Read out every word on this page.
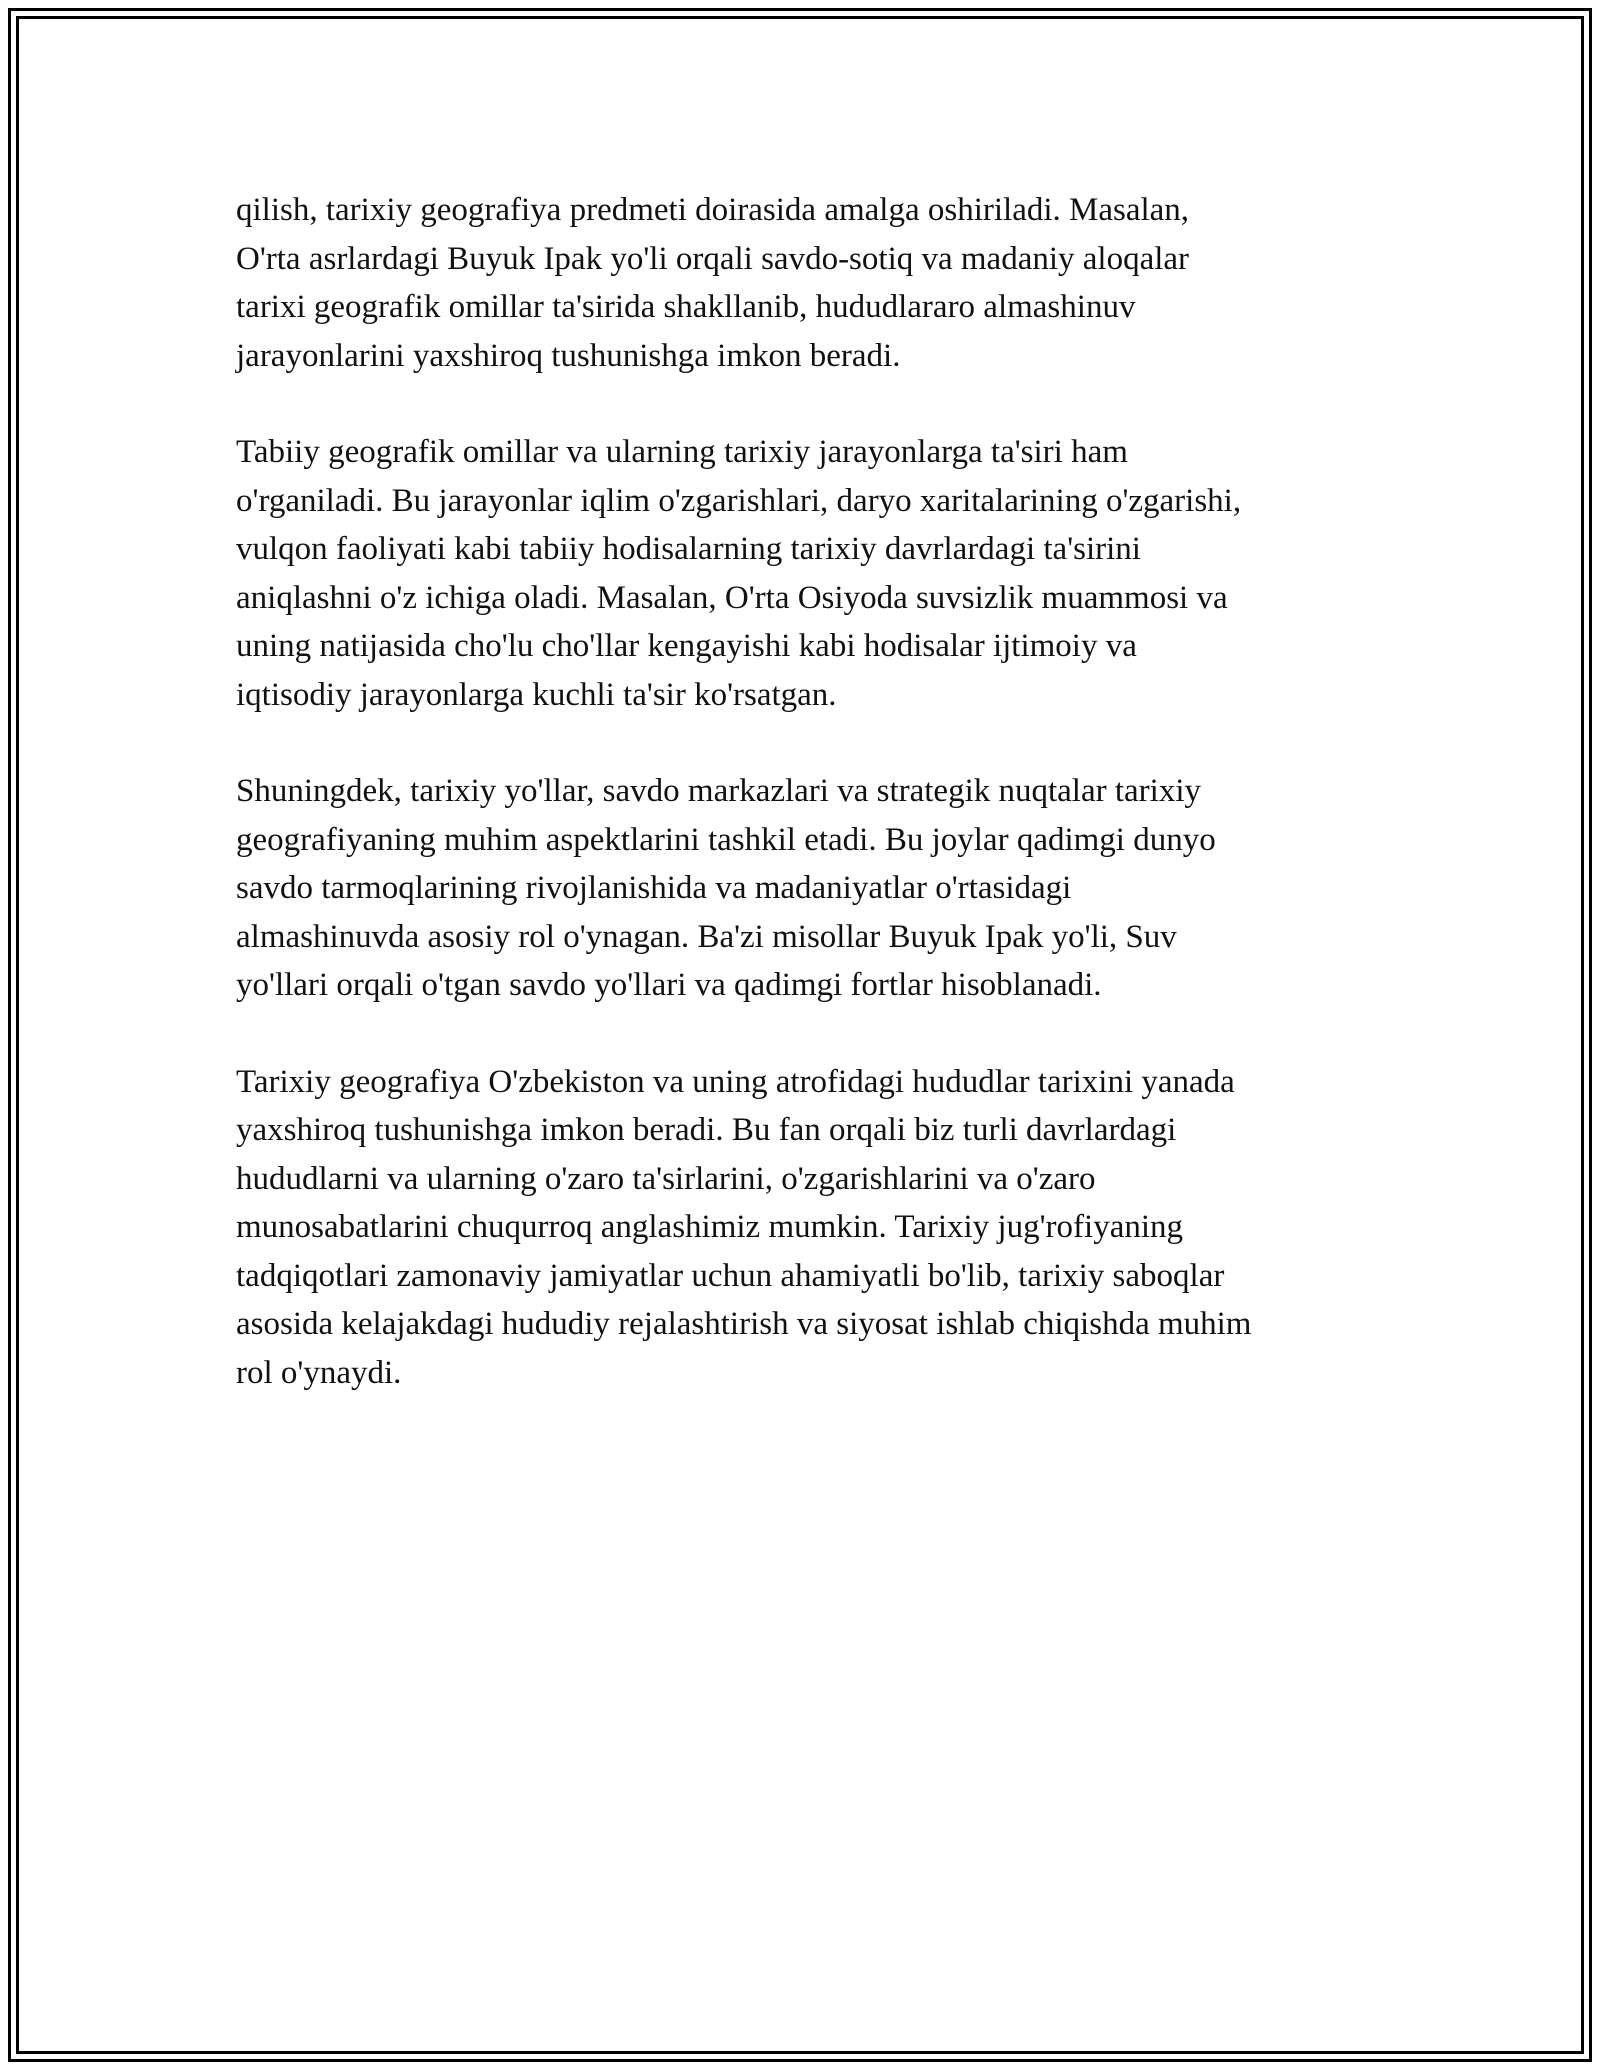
qilish, tarixiy geografiya predmeti doirasida amalga oshiriladi. Masalan,
O'rta asrlardagi Buyuk Ipak yo'li orqali savdo-sotiq va madaniy aloqalar
tarixi geografik omillar ta'sirida shakllanib, hududlararo almashinuv
jarayonlarini yaxshiroq tushunishga imkon beradi.

Tabiiy geografik omillar va ularning tarixiy jarayonlarga ta'siri ham
o'rganiladi. Bu jarayonlar iqlim o'zgarishlari, daryo xaritalarining o'zgarishi,
vulqon faoliyati kabi tabiiy hodisalarning tarixiy davrlardagi ta'sirini
aniqlashni o'z ichiga oladi. Masalan, O'rta Osiyoda suvsizlik muammosi va
uning natijasida cho'lu cho'llar kengayishi kabi hodisalar ijtimoiy va
iqtisodiy jarayonlarga kuchli ta'sir ko'rsatgan.

Shuningdek, tarixiy yo'llar, savdo markazlari va strategik nuqtalar tarixiy
geografiyaning muhim aspektlarini tashkil etadi. Bu joylar qadimgi dunyo
savdo tarmoqlarining rivojlanishida va madaniyatlar o'rtasidagi
almashinuvda asosiy rol o'ynagan. Ba'zi misollar Buyuk Ipak yo'li, Suv
yo'llari orqali o'tgan savdo yo'llari va qadimgi fortlar hisoblanadi.

Tarixiy geografiya O'zbekiston va uning atrofidagi hududlar tarixini yanada
yaxshiroq tushunishga imkon beradi. Bu fan orqali biz turli davrlardagi
hududlarni va ularning o'zaro ta'sirlarini, o'zgarishlarini va o'zaro
munosabatlarini chuqurroq anglashimiz mumkin. Tarixiy jug'rofiyaning
tadqiqotlari zamonaviy jamiyatlar uchun ahamiyatli bo'lib, tarixiy saboqlar
asosida kelajakdagi hududiy rejalashtirish va siyosat ishlab chiqishda muhim
rol o'ynaydi.
